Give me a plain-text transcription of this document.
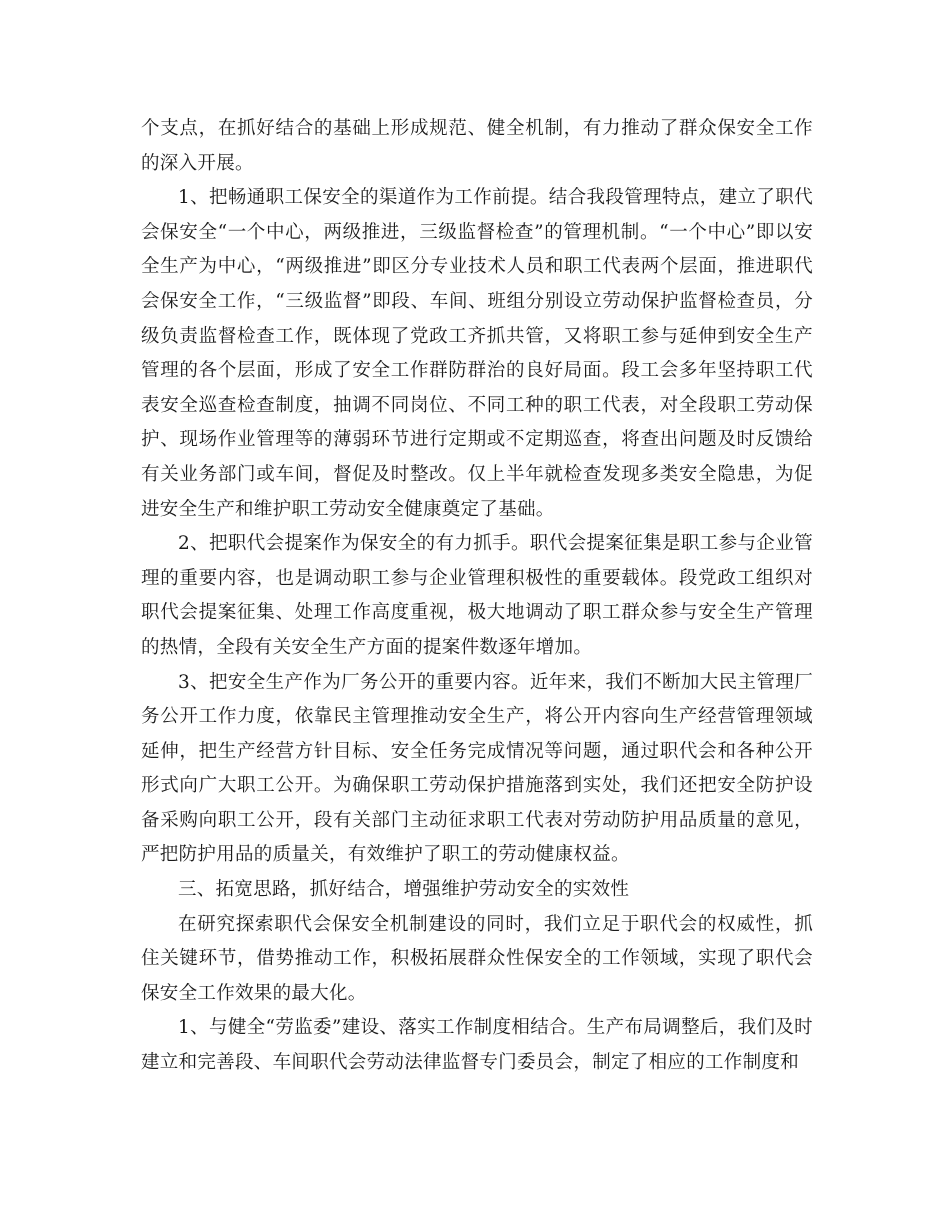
个支点，在抓好结合的基础上形成规范、健全机制，有力推动了群众保安全工作的深入开展。

1、把畅通职工保安全的渠道作为工作前提。结合我段管理特点，建立了职代会保安全“一个中心，两级推进，三级监督检查”的管理机制。“一个中心”即以安全生产为中心，“两级推进”即区分专业技术人员和职工代表两个层面，推进职代会保安全工作，“三级监督”即段、车间、班组分别设立劳动保护监督检查员，分级负责监督检查工作，既体现了党政工齐抓共管，又将职工参与延伸到安全生产管理的各个层面，形成了安全工作群防群治的良好局面。段工会多年坚持职工代表安全巡查检查制度，抽调不同岗位、不同工种的职工代表，对全段职工劳动保护、现场作业管理等的薄弱环节进行定期或不定期巡查，将查出问题及时反馈给有关业务部门或车间，督促及时整改。仅上半年就检查发现多类安全隐患，为促进安全生产和维护职工劳动安全健康奠定了基础。

2、把职代会提案作为保安全的有力抓手。职代会提案征集是职工参与企业管理的重要内容，也是调动职工参与企业管理积极性的重要载体。段党政工组织对职代会提案征集、处理工作高度重视，极大地调动了职工群众参与安全生产管理的热情，全段有关安全生产方面的提案件数逐年增加。

3、把安全生产作为厂务公开的重要内容。近年来，我们不断加大民主管理厂务公开工作力度，依靠民主管理推动安全生产，将公开内容向生产经营管理领域延伸，把生产经营方针目标、安全任务完成情况等问题，通过职代会和各种公开形式向广大职工公开。为确保职工劳动保护措施落到实处，我们还把安全防护设备采购向职工公开，段有关部门主动征求职工代表对劳动防护用品质量的意见，严把防护用品的质量关，有效维护了职工的劳动健康权益。

三、拓宽思路，抓好结合，增强维护劳动安全的实效性

在研究探索职代会保安全机制建设的同时，我们立足于职代会的权威性，抓住关键环节，借势推动工作，积极拓展群众性保安全的工作领域，实现了职代会保安全工作效果的最大化。

1、与健全“劳监委”建设、落实工作制度相结合。生产布局调整后，我们及时建立和完善段、车间职代会劳动法律监督专门委员会，制定了相应的工作制度和
